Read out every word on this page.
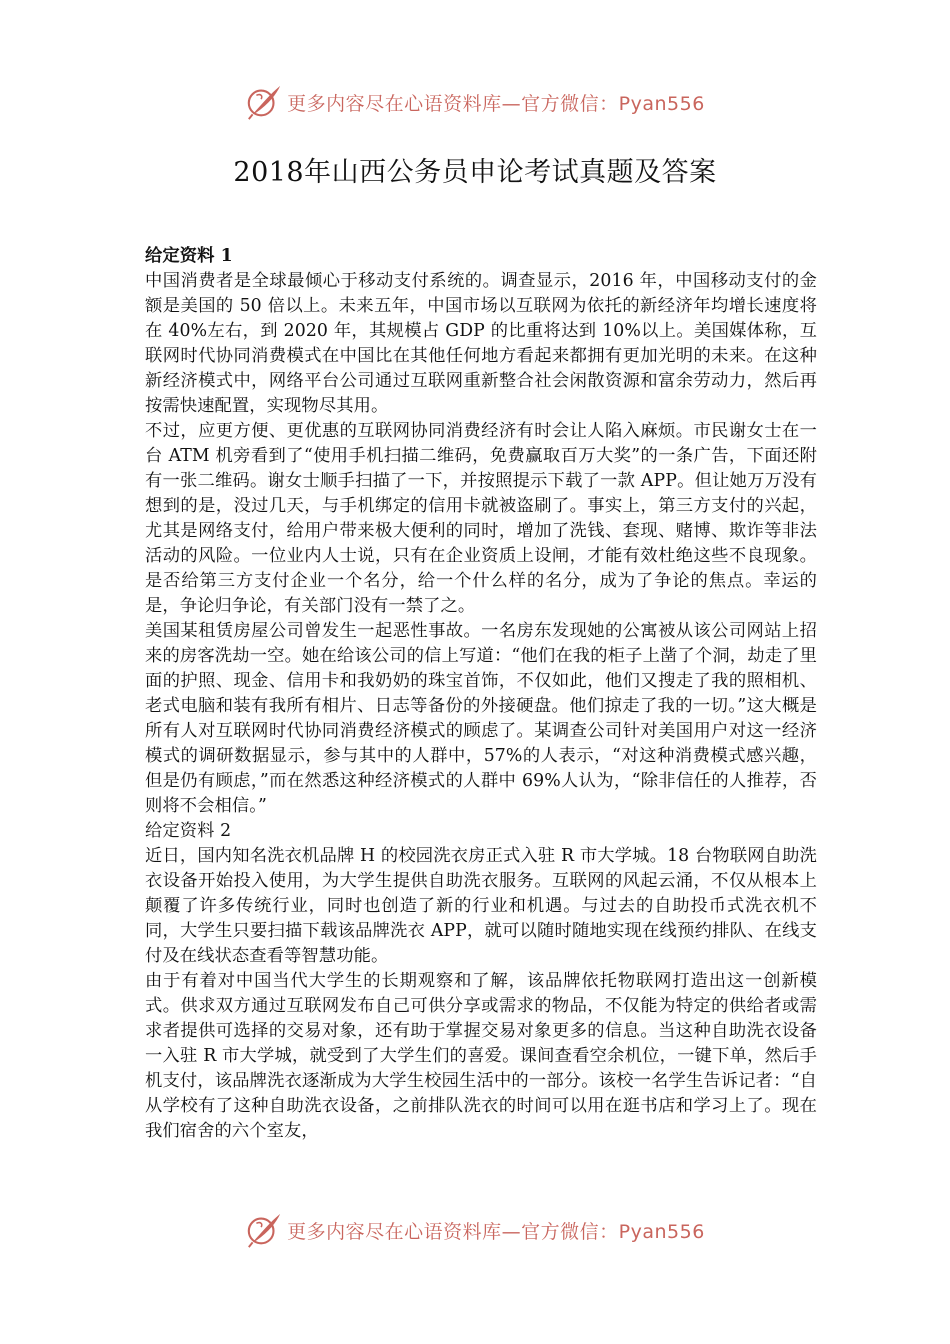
更多内容尽在心语资料库—官方微信：Pyan556
2018年山西公务员申论考试真题及答案

给定资料 1

中国消费者是全球最倾心于移动支付系统的。调查显示，2016 年，中国移动支付的金额是美国的 50 倍以上。未来五年，中国市场以互联网为依托的新经济年均增长速度将在 40%左右，到 2020 年，其规模占 GDP 的比重将达到 10%以上。美国媒体称，互联网时代协同消费模式在中国比在其他任何地方看起来都拥有更加光明的未来。在这种新经济模式中，网络平台公司通过互联网重新整合社会闲散资源和富余劳动力，然后再按需快速配置，实现物尽其用。

不过，应更方便、更优惠的互联网协同消费经济有时会让人陷入麻烦。市民谢女士在一台 ATM 机旁看到了“使用手机扫描二维码，免费赢取百万大奖”的一条广告，下面还附有一张二维码。谢女士顺手扫描了一下，并按照提示下载了一款 APP。但让她万万没有想到的是，没过几天，与手机绑定的信用卡就被盗刷了。事实上，第三方支付的兴起，尤其是网络支付，给用户带来极大便利的同时，增加了洗钱、套现、赌博、欺诈等非法活动的风险。一位业内人士说，只有在企业资质上设闸，才能有效杜绝这些不良现象。是否给第三方支付企业一个名分，给一个什么样的名分，成为了争论的焦点。幸运的是，争论归争论，有关部门没有一禁了之。

美国某租赁房屋公司曾发生一起恶性事故。一名房东发现她的公寓被从该公司网站上招来的房客洗劫一空。她在给该公司的信上写道：“他们在我的柜子上凿了个洞，劫走了里面的护照、现金、信用卡和我奶奶的珠宝首饰，不仅如此，他们又搜走了我的照相机、老式电脑和装有我所有相片、日志等备份的外接硬盘。他们掠走了我的一切。”这大概是所有人对互联网时代协同消费经济模式的顾虑了。某调查公司针对美国用户对这一经济模式的调研数据显示，参与其中的人群中，57%的人表示，“对这种消费模式感兴趣，但是仍有顾虑，”而在然悉这种经济模式的人群中 69%人认为，“除非信任的人推荐，否则将不会相信。”

给定资料 2

近日，国内知名洗衣机品牌 H 的校园洗衣房正式入驻 R 市大学城。18 台物联网自助洗衣设备开始投入使用，为大学生提供自助洗衣服务。互联网的风起云涌，不仅从根本上颠覆了许多传统行业，同时也创造了新的行业和机遇。与过去的自助投币式洗衣机不同，大学生只要扫描下载该品牌洗衣 APP，就可以随时随地实现在线预约排队、在线支付及在线状态查看等智慧功能。

由于有着对中国当代大学生的长期观察和了解，该品牌依托物联网打造出这一创新模式。供求双方通过互联网发布自己可供分享或需求的物品，不仅能为特定的供给者或需求者提供可选择的交易对象，还有助于掌握交易对象更多的信息。当这种自助洗衣设备一入驻 R 市大学城，就受到了大学生们的喜爱。课间查看空余机位，一键下单，然后手机支付，该品牌洗衣逐渐成为大学生校园生活中的一部分。该校一名学生告诉记者：“自从学校有了这种自助洗衣设备，之前排队洗衣的时间可以用在逛书店和学习上了。现在我们宿舍的六个室友，

更多内容尽在心语资料库—官方微信：Pyan556
